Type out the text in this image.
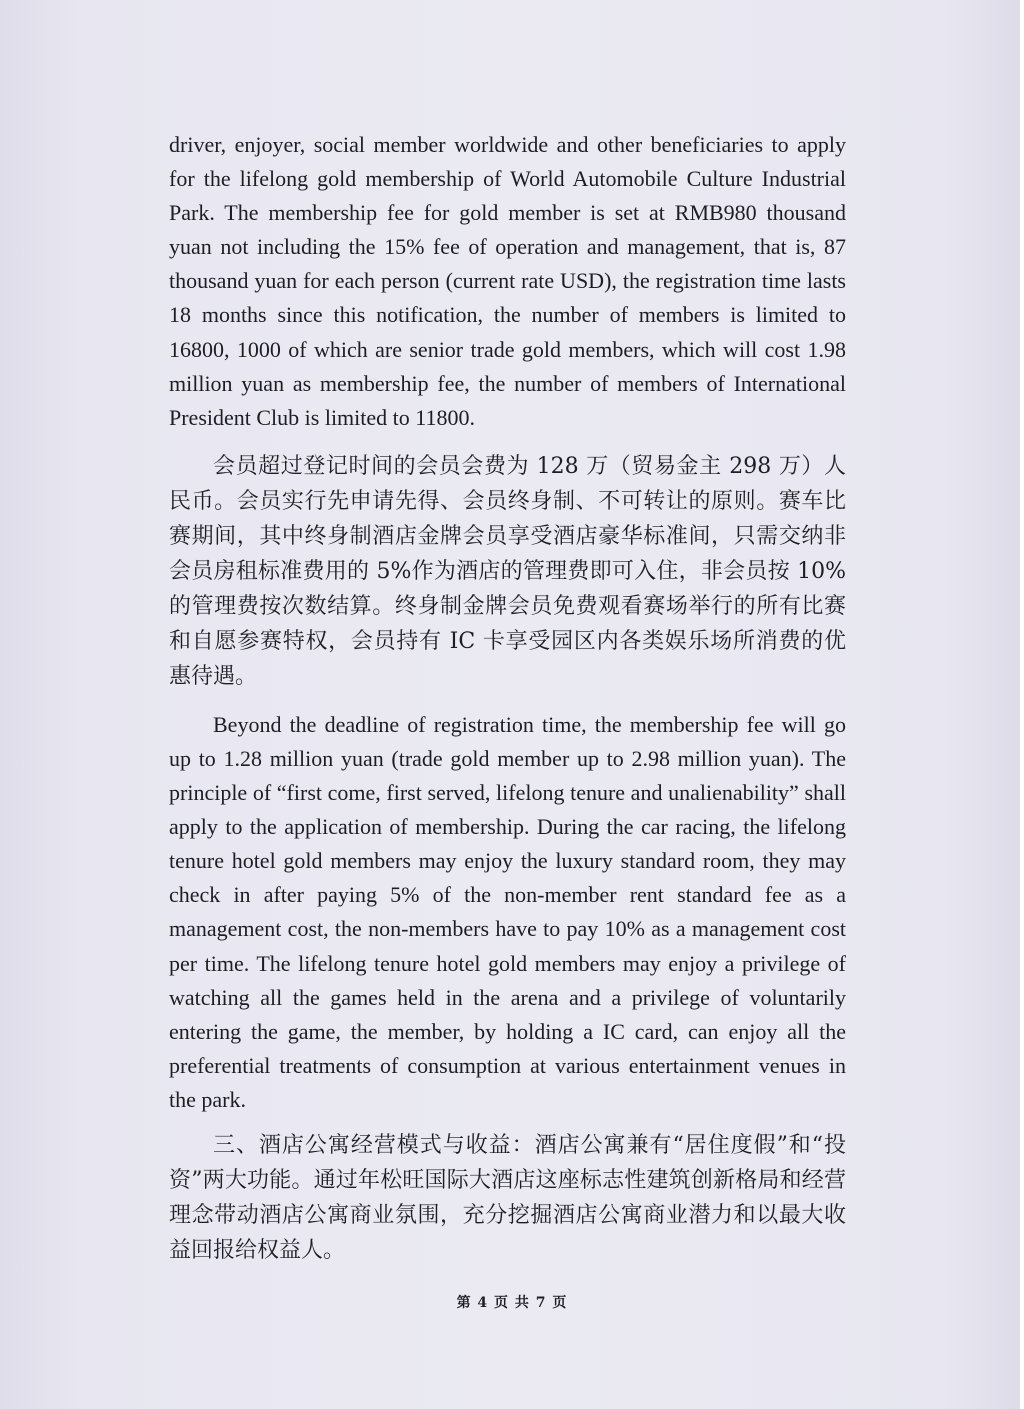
driver, enjoyer, social member worldwide and other beneficiaries to apply for the lifelong gold membership of World Automobile Culture Industrial Park. The membership fee for gold member is set at RMB980 thousand yuan not including the 15% fee of operation and management, that is, 87 thousand yuan for each person (current rate USD), the registration time lasts 18 months since this notification, the number of members is limited to 16800, 1000 of which are senior trade gold members, which will cost 1.98 million yuan as membership fee, the number of members of International President Club is limited to 11800.

会员超过登记时间的会员会费为 128 万（贸易金主 298 万）人民币。会员实行先申请先得、会员终身制、不可转让的原则。赛车比赛期间，其中终身制酒店金牌会员享受酒店豪华标准间，只需交纳非会员房租标准费用的 5%作为酒店的管理费即可入住，非会员按 10%的管理费按次数结算。终身制金牌会员免费观看赛场举行的所有比赛和自愿参赛特权，会员持有 IC 卡享受园区内各类娱乐场所消费的优惠待遇。

Beyond the deadline of registration time, the membership fee will go up to 1.28 million yuan (trade gold member up to 2.98 million yuan). The principle of “first come, first served, lifelong tenure and unalienability” shall apply to the application of membership. During the car racing, the lifelong tenure hotel gold members may enjoy the luxury standard room, they may check in after paying 5% of the non-member rent standard fee as a management cost, the non-members have to pay 10% as a management cost per time. The lifelong tenure hotel gold members may enjoy a privilege of watching all the games held in the arena and a privilege of voluntarily entering the game, the member, by holding a IC card, can enjoy all the preferential treatments of consumption at various entertainment venues in the park.

三、酒店公寓经营模式与收益：酒店公寓兼有“居住度假”和“投资”两大功能。通过年松旺国际大酒店这座标志性建筑创新格局和经营理念带动酒店公寓商业氛围，充分挖掘酒店公寓商业潜力和以最大收益回报给权益人。

第 4 页 共 7 页
